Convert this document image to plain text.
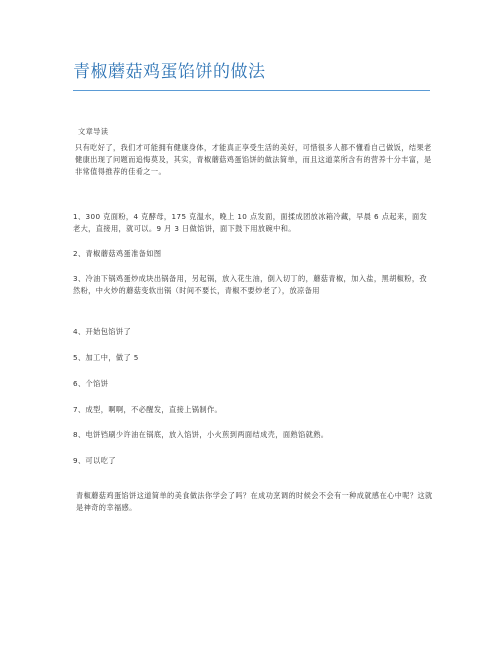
青椒蘑菇鸡蛋馅饼的做法

文章导读

只有吃好了，我们才可能拥有健康身体，才能真正享受生活的美好，可惜很多人都不懂看自己做饭，结果老健康出现了问题而追悔莫及，其实，青椒蘑菇鸡蛋馅饼的做法简单，而且这道菜所含有的营养十分丰富，是非常值得推荐的佳肴之一。

1、300 克面粉，4 克酵母，175 克温水，晚上 10 点发面，面揉成团放冰箱冷藏，早晨 6 点起来，面发老大，直接用，就可以。9 月 3 日做馅饼，面下鼓下用放碗中和。

2、青椒蘑菇鸡蛋准备如图

3、冷油下锅鸡蛋炒成块出锅备用，另起锅，放入花生油，倒入切丁的，蘑菇青椒，加入盐，黑胡椒粉，孜然粉，中火炒的蘑菇变软出锅（时间不要长，青椒不要炒老了），放凉备用

4、开始包馅饼了

5、加工中，做了 5

6、个馅饼

7、成型，啊啊，不必醒发，直接上锅制作。

8、电饼铛刷少许油在锅底，放入馅饼，小火煎到两面结成壳，面熟馅就熟。

9、可以吃了

青椒蘑菇鸡蛋馅饼这道简单的美食做法你学会了吗？在成功烹调的时候会不会有一种成就感在心中呢？这就是神奇的幸福感。
